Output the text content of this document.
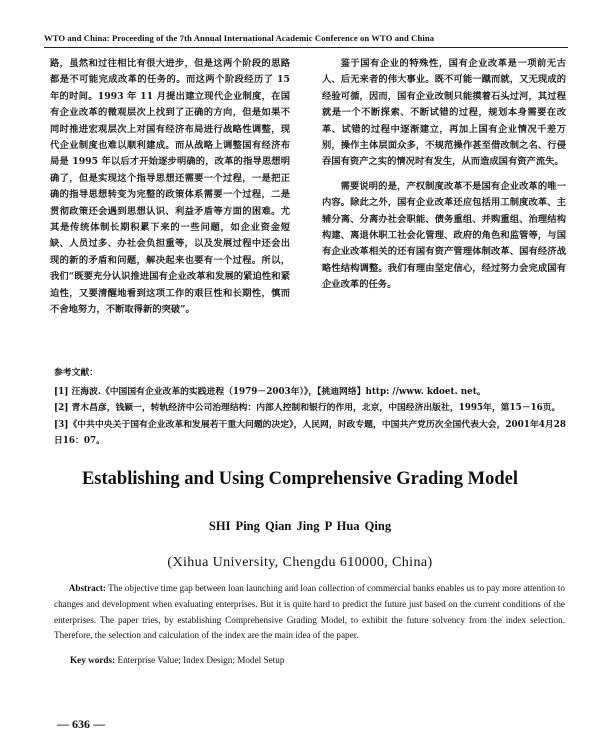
WTO and China: Proceeding of the 7th Annual International Academic Conference on WTO and China

路，虽然和过往相比有很大进步，但是这两个阶段的思路都是不可能完成改革的任务的。而这两个阶段经历了 15 年的时间。1993 年 11 月提出建立现代企业制度，在国有企业改革的微观层次上找到了正确的方向，但是如果不同时推进宏观层次上对国有经济布局进行战略性调整，现代企业制度也难以顺利建成。而从战略上调整国有经济布局是 1995 年以后才开始逐步明确的，改革的指导思想明确了，但是实现这个指导思想还需要一个过程，一是把正确的指导思想转变为完整的政策体系需要一个过程，二是贯彻政策还会遇到思想认识、利益矛盾等方面的困难。尤其是传统体制长期积累下来的一些问题，如企业资金短缺、人员过多、办社会负担重等，以及发展过程中还会出现的新的矛盾和问题，解决起来也要有一个过程。所以，我们“既要充分认识推进国有企业改革和发展的紧迫性和紧迫性，又要清醒地看到这项工作的艰巨性和长期性，慎而不舍地努力，不断取得新的突破”。

鉴于国有企业的特殊性，国有企业改革是一项前无古人、后无来者的伟大事业。既不可能一蹴而就，又无现成的经验可循，因而，国有企业改制只能摸着石头过河，其过程就是一个不断探索、不断试错的过程，规划本身需要在改革、试错的过程中逐渐建立，再加上国有企业情况千差万别，操作主体层面众多，不规范操作甚至借改制之名、行侵吞国有资产之实的情况时有发生，从而造成国有资产流失。

需要说明的是，产权制度改革不是国有企业改革的唯一内容。除此之外，国有企业改革还应包括用工制度改革、主辅分离、分离办社会职能、债务重组、并购重组、治理结构构建、离退休职工社会化管理、政府的角色和监管等，与国有企业改革相关的还有国有资产管理体制改革、国有经济战略性结构调整。我们有理由坚定信心，经过努力会完成国有企业改革的任务。

参考文献：

[1] 汪海波.《中国国有企业改革的实践进程（1979－2003年）》，【挑迪网络】http: //www. kdoet. net。

[2] 青木昌彦，钱颖一，转轨经济中公司治理结构：内部人控制和银行的作用，北京，中国经济出版社，1995年，第15－16页。

[3]《中共中央关于国有企业改革和发展若干重大问题的决定》，人民网，时政专题，中国共产党历次全国代表大会，2001年4月28日16：07。

Establishing and Using Comprehensive Grading Model
SHI Ping Qian Jing P Hua Qing
(Xihua University, Chengdu 610000, China)

Abstract: The objective time gap between loan launching and loan collection of commercial banks enables us to pay more attention to changes and development when evaluating enterprises. But it is quite hard to predict the future just based on the current conditions of the enterprises. The paper tries, by establishing Comprehensive Grading Model, to exhibit the future solvency from the index selection. Therefore, the selection and calculation of the index are the main idea of the paper.

Key words: Enterprise Value; Index Design; Model Setup

— 636 —
